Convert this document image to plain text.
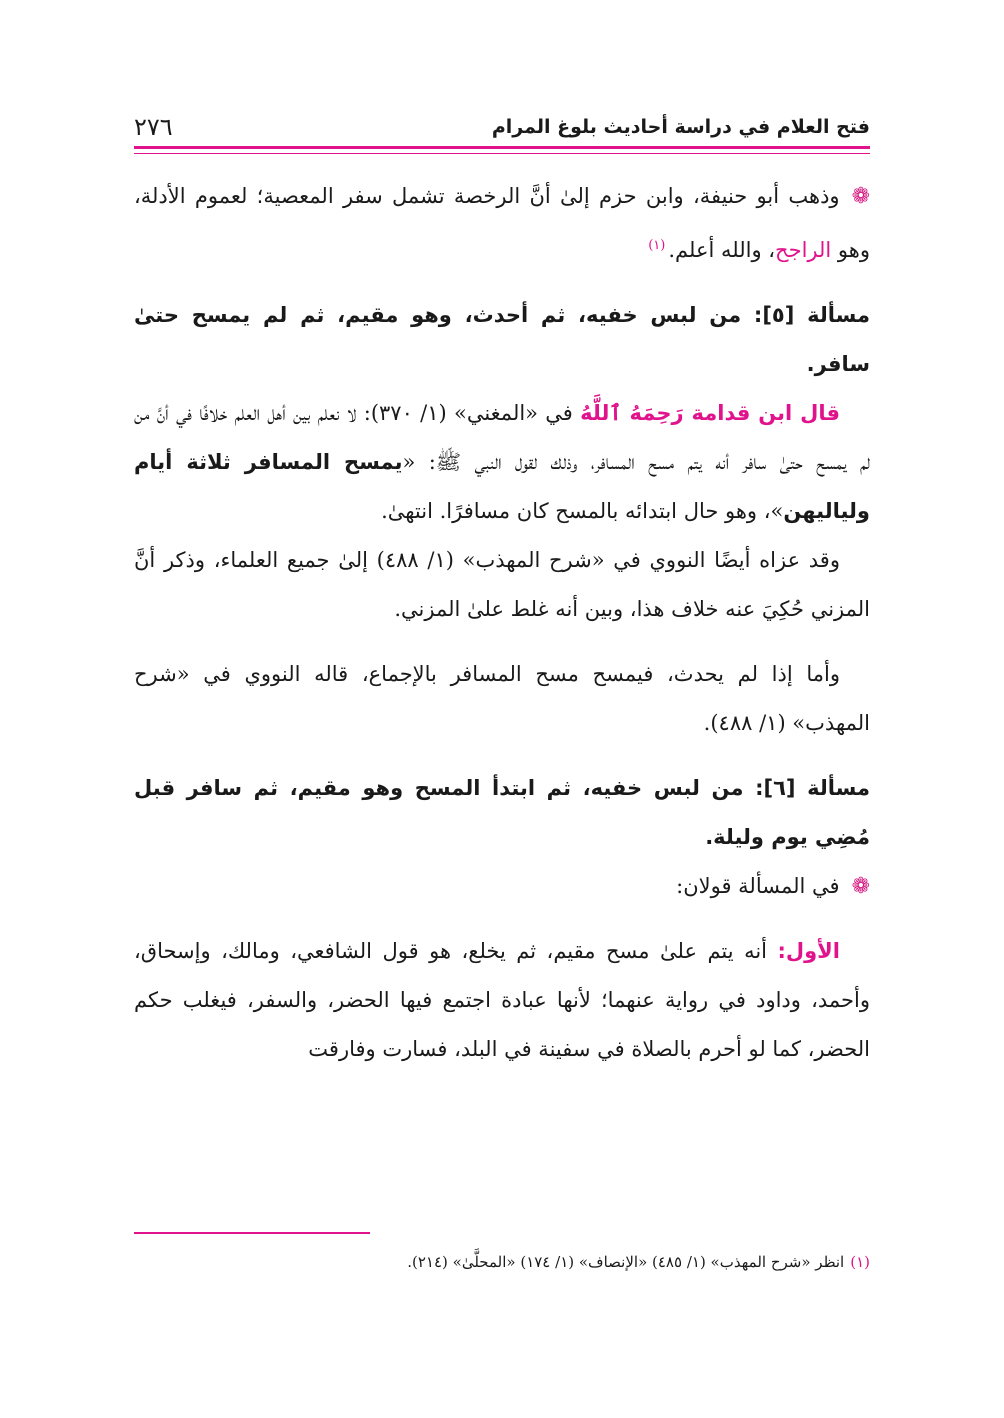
فتح العلام في دراسة أحاديث بلوغ المرام
٢٧٦

❁وذهب أبو حنيفة، وابن حزم إلىٰ أنَّ الرخصة تشمل سفر المعصية؛ لعموم الأدلة، وهو الراجح، والله أعلم.$^{(١)}$

مسألة [٥]: من لبس خفيه، ثم أحدث، وهو مقيم، ثم لم يمسح حتىٰ سافر.

قال ابن قدامة رَحِمَهُ ٱللَّهُ في «المغني» (١/ ٣٧٠): لا نعلم بين أهل العلم خلافًا في أنَّ من لم يمسح حتىٰ سافر أنه يتم مسح المسافر، وذلك لقول النبي ﷺ: «يمسح المسافر ثلاثة أيام ولياليهن»، وهو حال ابتدائه بالمسح كان مسافرًا. انتهىٰ.

وقد عزاه أيضًا النووي في «شرح المهذب» (١/ ٤٨٨) إلىٰ جميع العلماء، وذكر أنَّ المزني حُكِيَ عنه خلاف هذا، وبين أنه غلط علىٰ المزني.

وأما إذا لم يحدث، فيمسح مسح المسافر بالإجماع، قاله النووي في «شرح المهذب» (١/ ٤٨٨).

مسألة [٦]: من لبس خفيه، ثم ابتدأ المسح وهو مقيم، ثم سافر قبل مُضِي يوم وليلة.

❁في المسألة قولان:

الأول: أنه يتم علىٰ مسح مقيم، ثم يخلع، هو قول الشافعي، ومالك، وإسحاق، وأحمد، وداود في رواية عنهما؛ لأنها عبادة اجتمع فيها الحضر، والسفر، فيغلب حكم الحضر، كما لو أحرم بالصلاة في سفينة في البلد، فسارت وفارقت

(١)انظر «شرح المهذب» (١/ ٤٨٥) «الإنصاف» (١/ ١٧٤) «المحلَّىٰ» (٢١٤).
